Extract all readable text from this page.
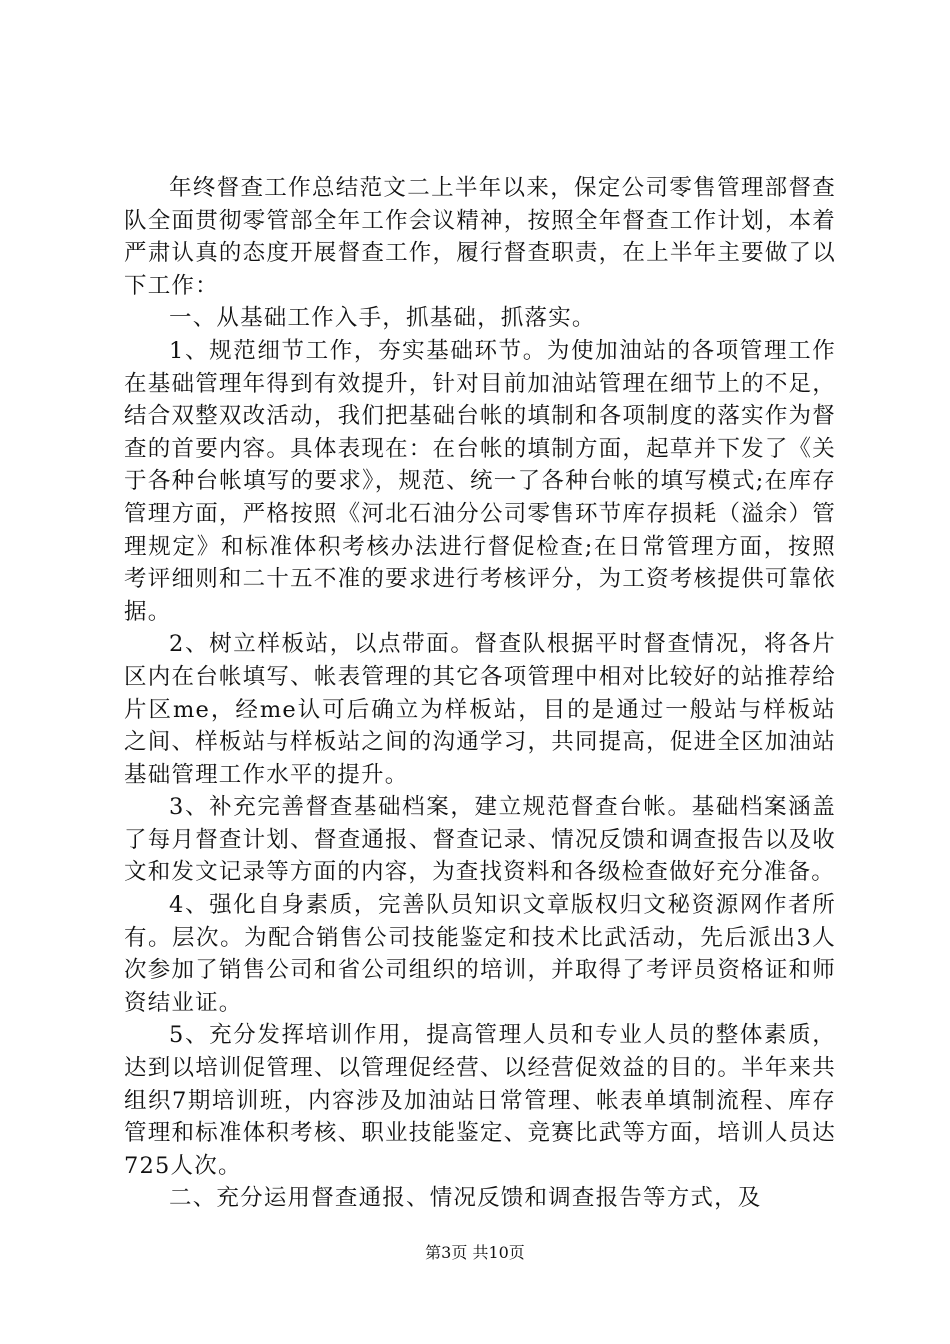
年终督查工作总结范文二上半年以来，保定公司零售管理部督查队全面贯彻零管部全年工作会议精神，按照全年督查工作计划，本着严肃认真的态度开展督查工作，履行督查职责，在上半年主要做了以下工作：

一、从基础工作入手，抓基础，抓落实。

1、规范细节工作，夯实基础环节。为使加油站的各项管理工作在基础管理年得到有效提升，针对目前加油站管理在细节上的不足，结合双整双改活动，我们把基础台帐的填制和各项制度的落实作为督查的首要内容。具体表现在：在台帐的填制方面，起草并下发了《关于各种台帐填写的要求》，规范、统一了各种台帐的填写模式;在库存管理方面，严格按照《河北石油分公司零售环节库存损耗（溢余）管理规定》和标准体积考核办法进行督促检查;在日常管理方面，按照考评细则和二十五不准的要求进行考核评分，为工资考核提供可靠依据。

2、树立样板站，以点带面。督查队根据平时督查情况，将各片区内在台帐填写、帐表管理的其它各项管理中相对比较好的站推荐给片区me，经me认可后确立为样板站，目的是通过一般站与样板站之间、样板站与样板站之间的沟通学习，共同提高，促进全区加油站基础管理工作水平的提升。

3、补充完善督查基础档案，建立规范督查台帐。基础档案涵盖了每月督查计划、督查通报、督查记录、情况反馈和调查报告以及收文和发文记录等方面的内容，为查找资料和各级检查做好充分准备。

4、强化自身素质，完善队员知识文章版权归文秘资源网作者所有。层次。为配合销售公司技能鉴定和技术比武活动，先后派出3人次参加了销售公司和省公司组织的培训，并取得了考评员资格证和师资结业证。

5、充分发挥培训作用，提高管理人员和专业人员的整体素质，达到以培训促管理、以管理促经营、以经营促效益的目的。半年来共组织7期培训班，内容涉及加油站日常管理、帐表单填制流程、库存管理和标准体积考核、职业技能鉴定、竞赛比武等方面，培训人员达725人次。

二、充分运用督查通报、情况反馈和调查报告等方式，及

第3页 共10页
